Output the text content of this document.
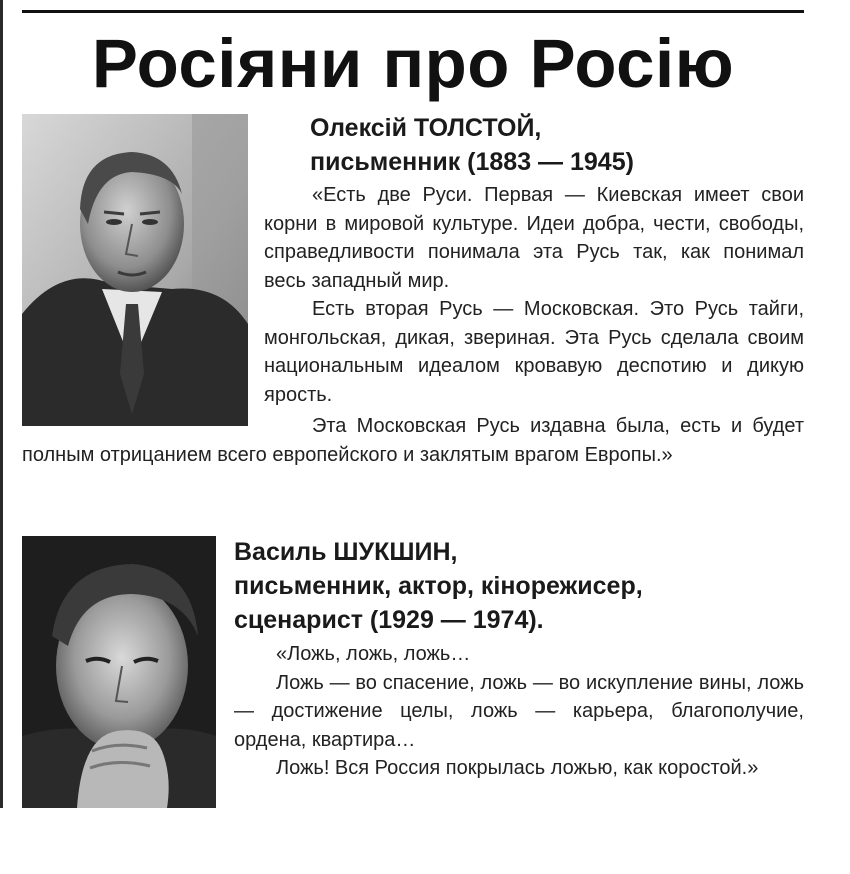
Росіяни про Росію
Олексій ТОЛСТОЙ,
письменник (1883 — 1945)

«Есть две Руси. Первая — Киевская имеет свои корни в мировой культуре. Идеи добра, чести, свободы, справедливости понимала эта Русь так, как понимал весь западный мир.

Есть вторая Русь — Московская. Это Русь тайги, монгольская, дикая, звериная. Эта Русь сделала своим национальным идеалом кровавую деспотию и дикую ярость.

Эта Московская Русь издавна была, есть и будет полным отрицанием всего европейского и заклятым врагом Европы.»

Василь ШУКШИН,
письменник, актор, кінорежисер,
сценарист (1929 — 1974).

«Ложь, ложь, ложь…

Ложь — во спасение, ложь — во искупление вины, ложь — достижение целы, ложь — карьера, благополучие, ордена, квартира…

Ложь! Вся Россия покрылась ложью, как коростой.»
